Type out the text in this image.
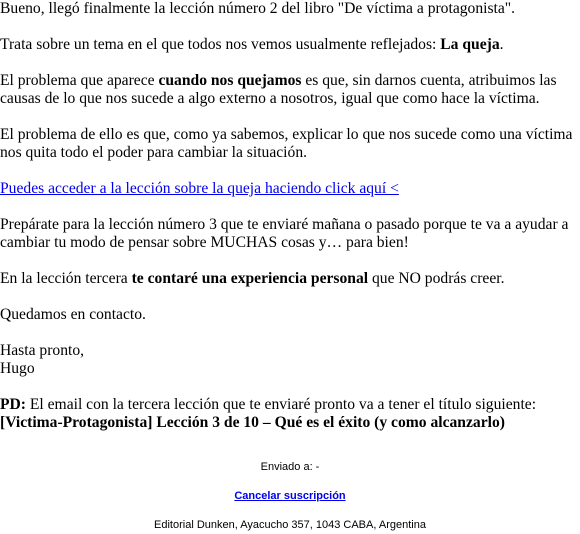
Bueno, llegó finalmente la lección número 2 del libro "De víctima a protagonista".

Trata sobre un tema en el que todos nos vemos usualmente reflejados: La queja.

El problema que aparece cuando nos quejamos es que, sin darnos cuenta, atribuimos las causas de lo que nos sucede a algo externo a nosotros, igual que como hace la víctima.

El problema de ello es que, como ya sabemos, explicar lo que nos sucede como una víctima nos quita todo el poder para cambiar la situación.

Puedes acceder a la lección sobre la queja haciendo click aquí <

Prepárate para la lección número 3 que te enviaré mañana o pasado porque te va a ayudar a cambiar tu modo de pensar sobre MUCHAS cosas y… para bien!

En la lección tercera te contaré una experiencia personal que NO podrás creer.

Quedamos en contacto.

Hasta pronto,
Hugo

PD: El email con la tercera lección que te enviaré pronto va a tener el título siguiente:
[Victima-Protagonista] Lección 3 de 10 – Qué es el éxito (y como alcanzarlo)

Enviado a: -
Cancelar suscripción
Editorial Dunken, Ayacucho 357, 1043 CABA, Argentina
